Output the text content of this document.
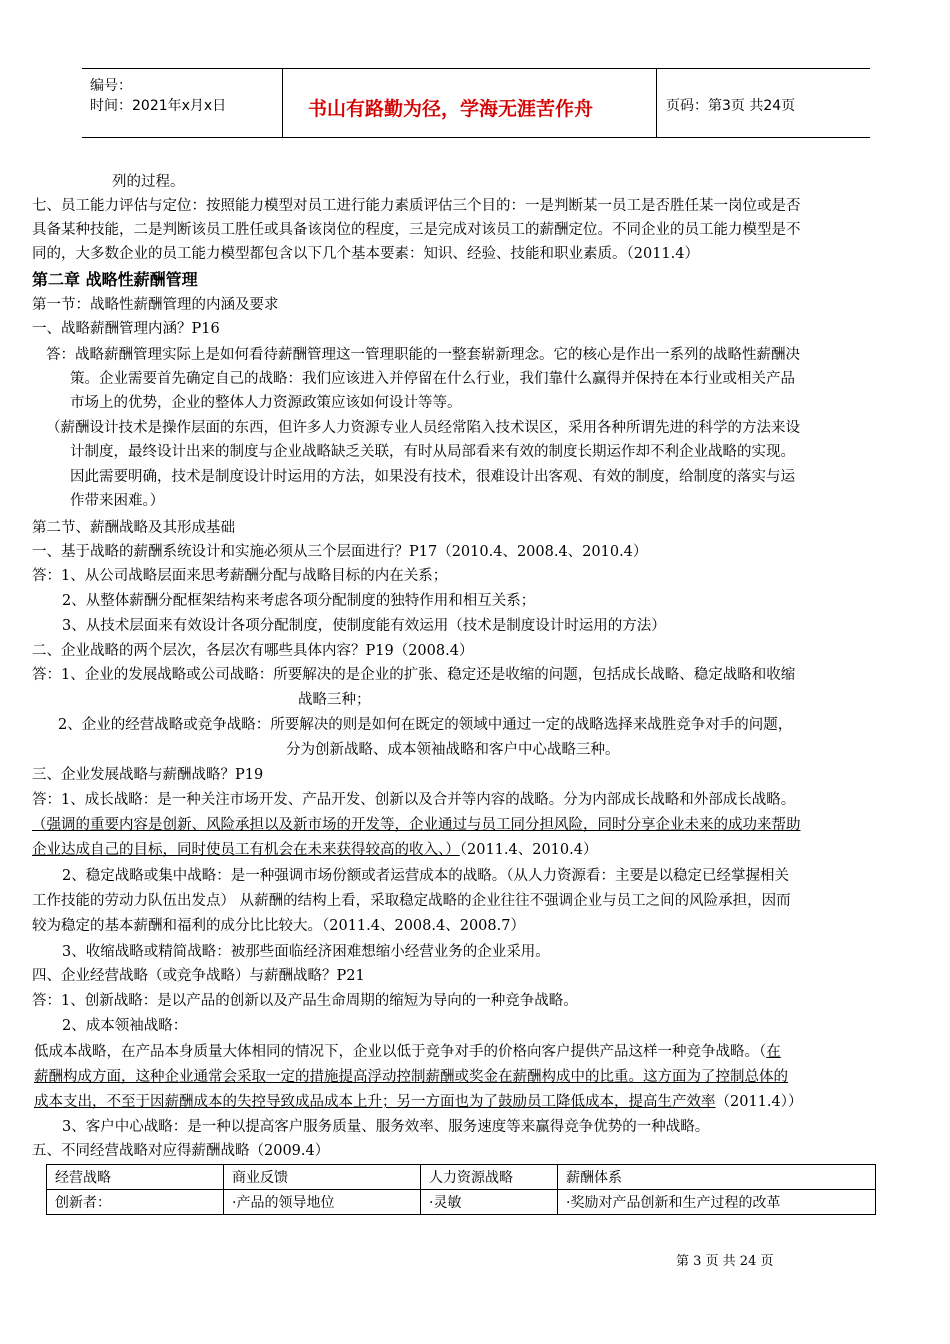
编号：
时间：2021年x月x日	书山有路勤为径，学海无涯苦作舟	页码：第3页 共24页
列的过程。
七、员工能力评估与定位：按照能力模型对员工进行能力素质评估三个目的：一是判断某一员工是否胜任某一岗位或是否
具备某种技能，二是判断该员工胜任或具备该岗位的程度，三是完成对该员工的薪酬定位。不同企业的员工能力模型是不
同的，大多数企业的员工能力模型都包含以下几个基本要素：知识、经验、技能和职业素质。（2011.4）
第二章 战略性薪酬管理
第一节：战略性薪酬管理的内涵及要求
一、战略薪酬管理内涵？P16
答：战略薪酬管理实际上是如何看待薪酬管理这一管理职能的一整套崭新理念。它的核心是作出一系列的战略性薪酬决
策。企业需要首先确定自己的战略：我们应该进入并停留在什么行业，我们靠什么赢得并保持在本行业或相关产品
市场上的优势，企业的整体人力资源政策应该如何设计等等。
（薪酬设计技术是操作层面的东西，但许多人力资源专业人员经常陷入技术误区，采用各种所谓先进的科学的方法来设
计制度，最终设计出来的制度与企业战略缺乏关联，有时从局部看来有效的制度长期运作却不利企业战略的实现。
因此需要明确，技术是制度设计时运用的方法，如果没有技术，很难设计出客观、有效的制度，给制度的落实与运
作带来困难。）
第二节、薪酬战略及其形成基础
一、基于战略的薪酬系统设计和实施必须从三个层面进行？P17（2010.4、2008.4、2010.4）
答：1、从公司战略层面来思考薪酬分配与战略目标的内在关系；
2、从整体薪酬分配框架结构来考虑各项分配制度的独特作用和相互关系；
3、从技术层面来有效设计各项分配制度，使制度能有效运用（技术是制度设计时运用的方法）
二、企业战略的两个层次，各层次有哪些具体内容？P19（2008.4）
答：1、企业的发展战略或公司战略：所要解决的是企业的扩张、稳定还是收缩的问题，包括成长战略、稳定战略和收缩
战略三种；
2、企业的经营战略或竞争战略：所要解决的则是如何在既定的领域中通过一定的战略选择来战胜竞争对手的问题，
分为创新战略、成本领袖战略和客户中心战略三种。
三、企业发展战略与薪酬战略？P19
答：1、成长战略：是一种关注市场开发、产品开发、创新以及合并等内容的战略。分为内部成长战略和外部成长战略。
（强调的重要内容是创新、风险承担以及新市场的开发等，企业通过与员工同分担风险，同时分享企业未来的成功来帮助
企业达成自己的目标，同时使员工有机会在未来获得较高的收入、）（2011.4、2010.4）
2、稳定战略或集中战略：是一种强调市场份额或者运营成本的战略。（从人力资源看：主要是以稳定已经掌握相关
工作技能的劳动力队伍出发点） 从薪酬的结构上看，采取稳定战略的企业往往不强调企业与员工之间的风险承担，因而
较为稳定的基本薪酬和福利的成分比比较大。（2011.4、2008.4、2008.7）
3、收缩战略或精简战略：被那些面临经济困难想缩小经营业务的企业采用。
四、企业经营战略（或竞争战略）与薪酬战略？P21
答：1、创新战略：是以产品的创新以及产品生命周期的缩短为导向的一种竞争战略。
2、成本领袖战略：
低成本战略，在产品本身质量大体相同的情况下，企业以低于竞争对手的价格向客户提供产品这样一种竞争战略。（在
薪酬构成方面，这种企业通常会采取一定的措施提高浮动控制薪酬或奖金在薪酬构成中的比重。这方面为了控制总体的
成本支出，不至于因薪酬成本的失控导致成品成本上升；另一方面也为了鼓励员工降低成本，提高生产效率（2011.4））
3、客户中心战略：是一种以提高客户服务质量、服务效率、服务速度等来赢得竞争优势的一种战略。
五、不同经营战略对应得薪酬战略（2009.4）
经营战略	商业反馈	人力资源战略	薪酬体系
创新者：	·产品的领导地位	·灵敏	·奖励对产品创新和生产过程的改革
第 3 页 共 24 页
